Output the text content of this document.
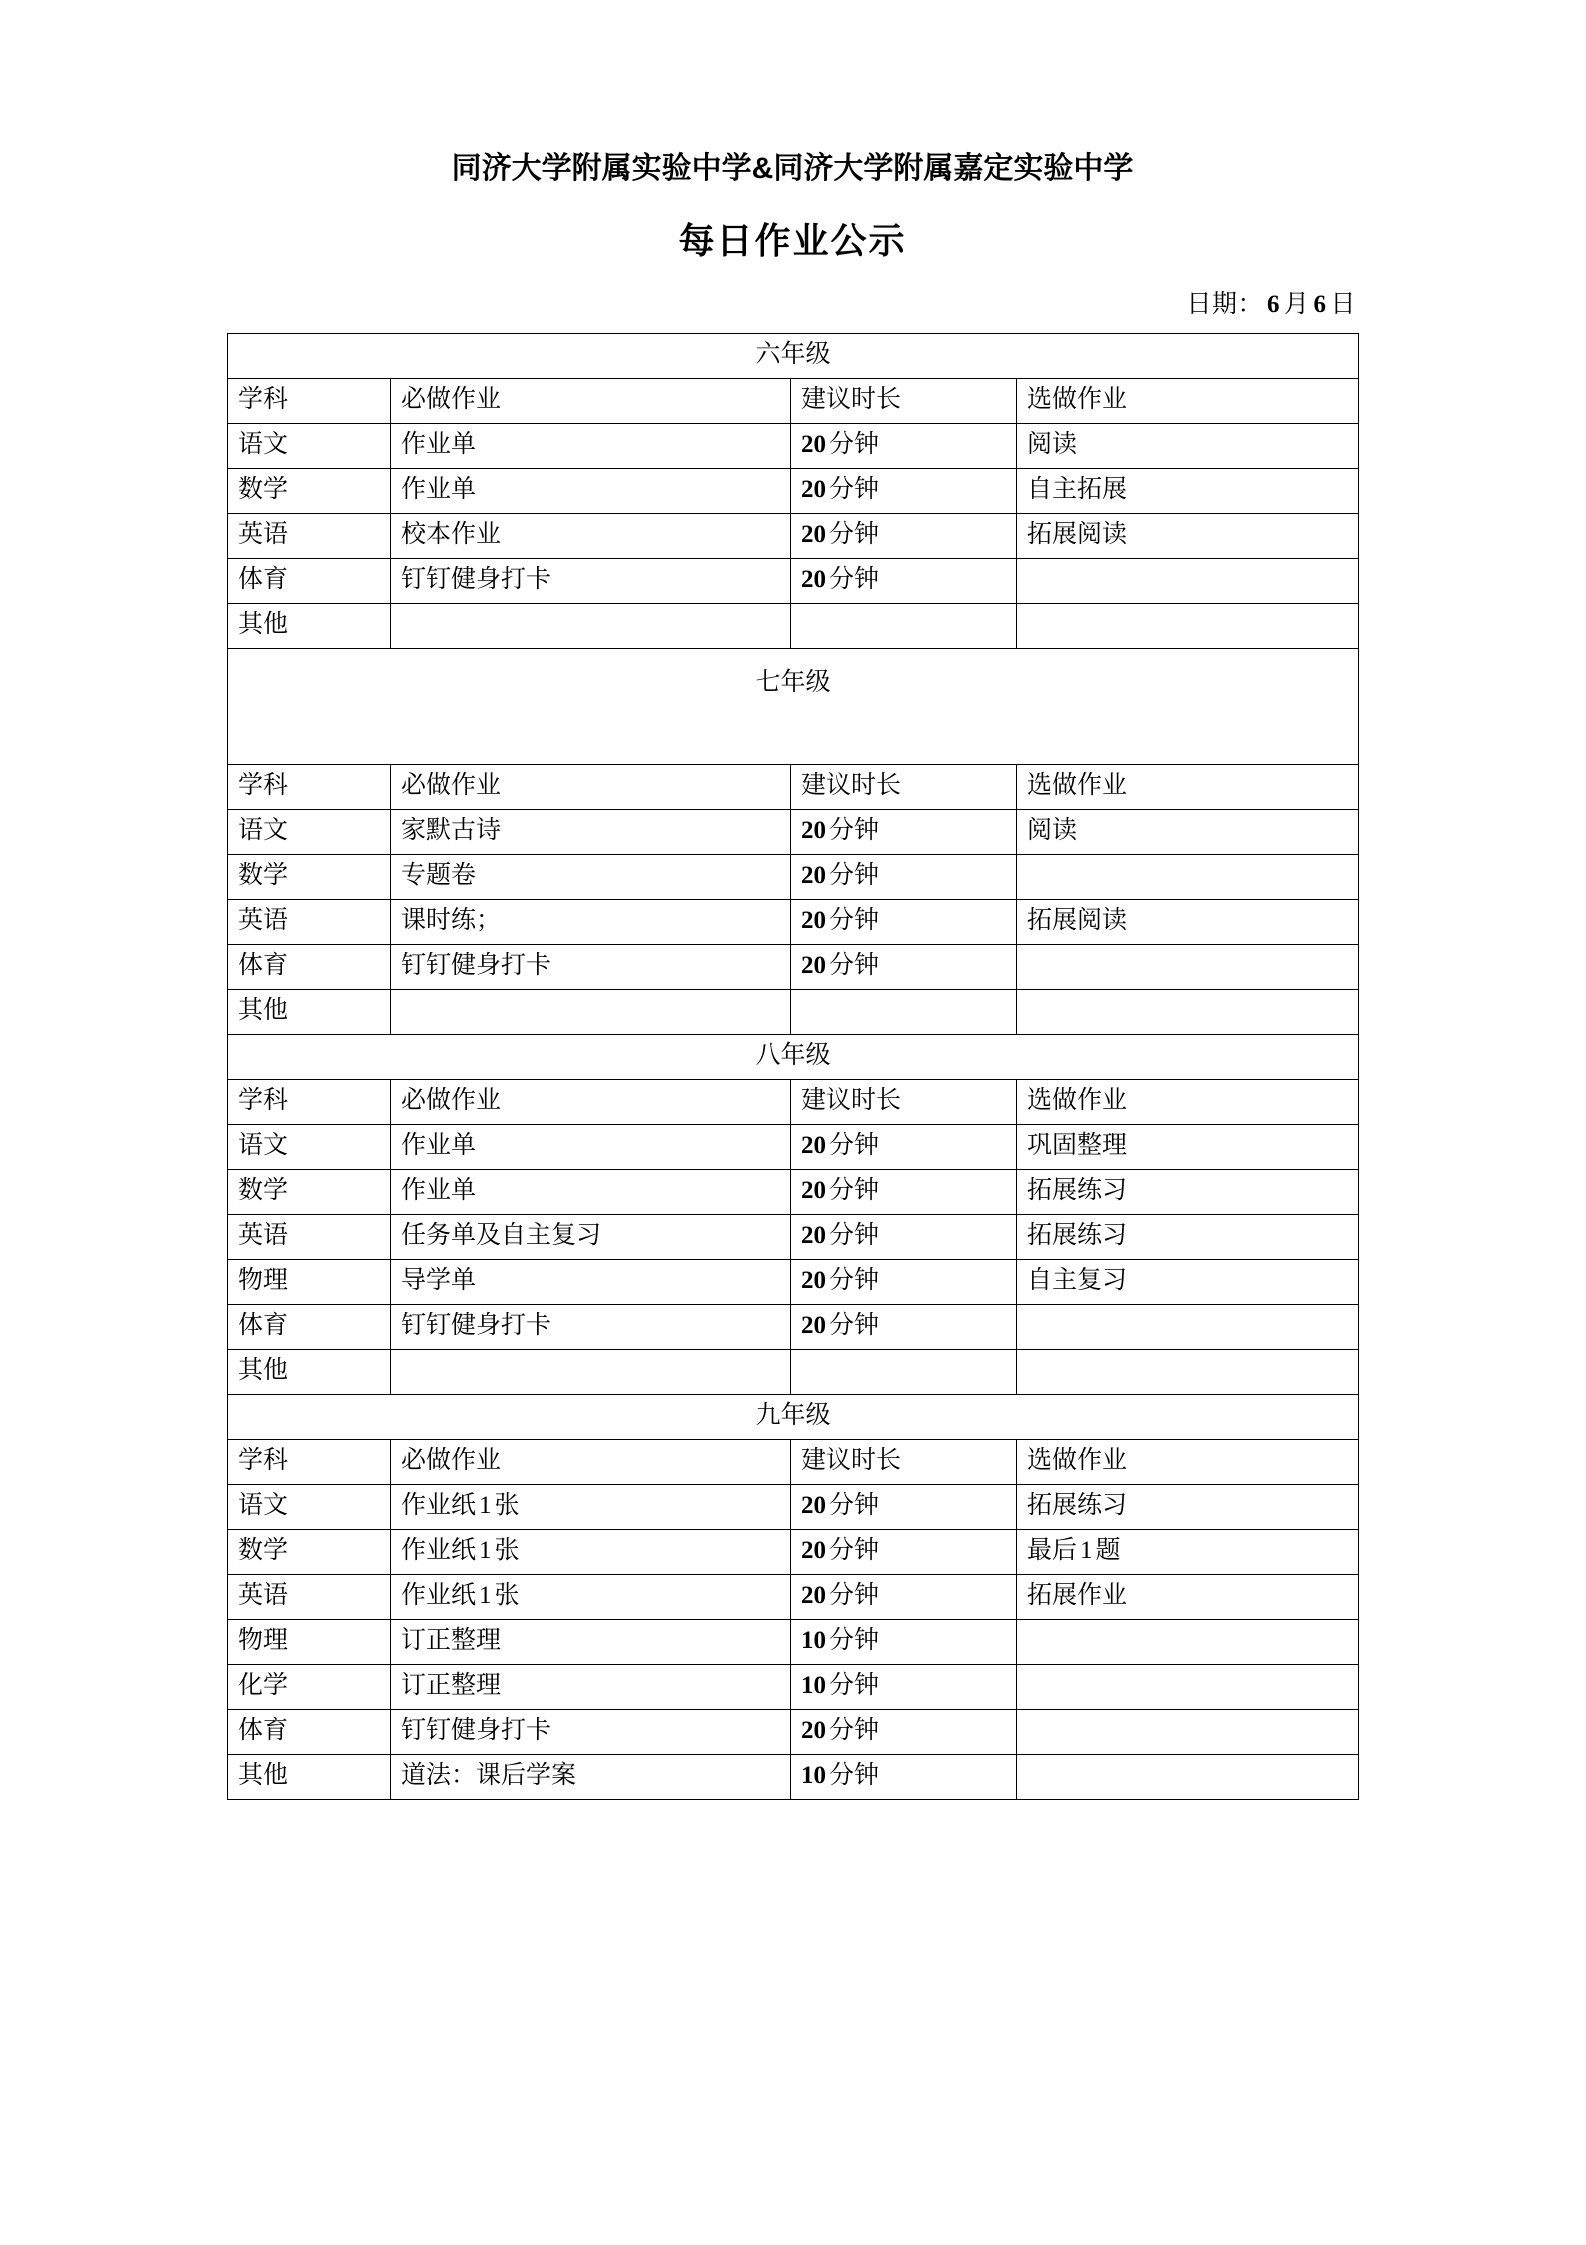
同济大学附属实验中学&同济大学附属嘉定实验中学
每日作业公示

日期： 6 月 6 日

六年级			
学科	必做作业	建议时长	选做作业
语文	作业单	20 分钟	阅读
数学	作业单	20 分钟	自主拓展
英语	校本作业	20 分钟	拓展阅读
体育	钉钉健身打卡	20 分钟	
其他			
七年级			
学科	必做作业	建议时长	选做作业
语文	家默古诗	20 分钟	阅读
数学	专题卷	20 分钟	
英语	课时练；	20 分钟	拓展阅读
体育	钉钉健身打卡	20 分钟	
其他			
八年级			
学科	必做作业	建议时长	选做作业
语文	作业单	20 分钟	巩固整理
数学	作业单	20 分钟	拓展练习
英语	任务单及自主复习	20 分钟	拓展练习
物理	导学单	20 分钟	自主复习
体育	钉钉健身打卡	20 分钟	
其他			
九年级			
学科	必做作业	建议时长	选做作业
语文	作业纸 1 张	20 分钟	拓展练习
数学	作业纸 1 张	20 分钟	最后 1 题
英语	作业纸 1 张	20 分钟	拓展作业
物理	订正整理	10 分钟	
化学	订正整理	10 分钟	
体育	钉钉健身打卡	20 分钟	
其他	道法：课后学案	10 分钟	
